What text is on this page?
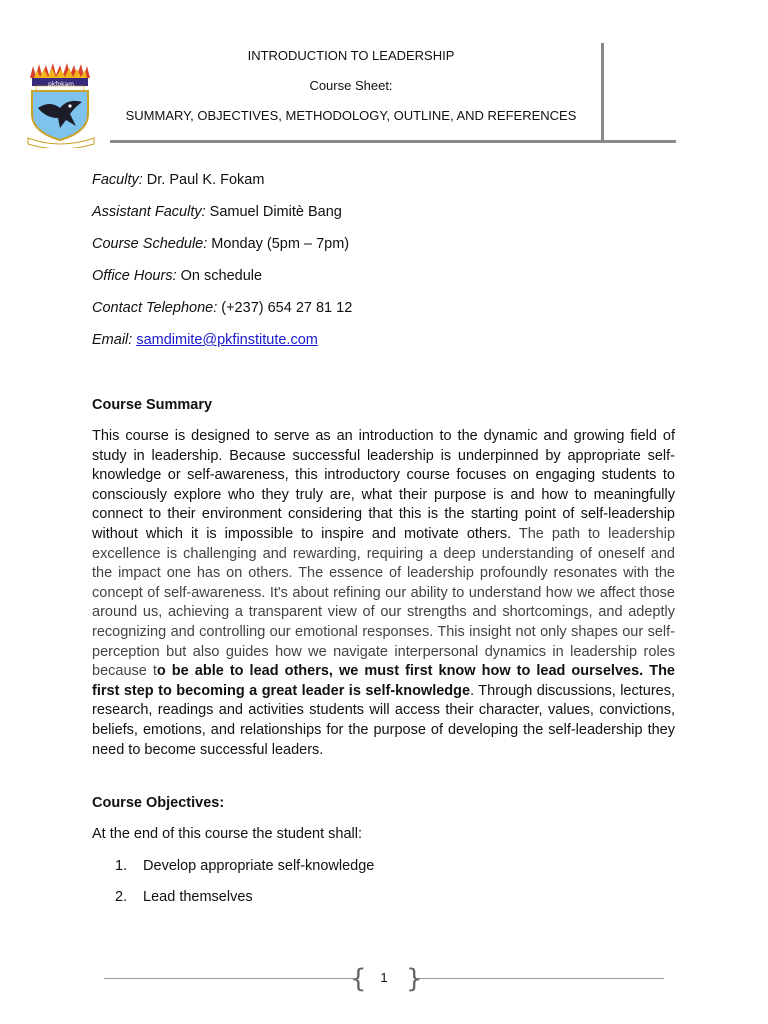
pkfokam
INTRODUCTION TO LEADERSHIP
Course Sheet:
SUMMARY, OBJECTIVES, METHODOLOGY, OUTLINE, AND REFERENCES
Faculty: Dr. Paul K. Fokam
Assistant Faculty: Samuel Dimitè Bang
Course Schedule: Monday (5pm – 7pm)
Office Hours: On schedule
Contact Telephone: (+237) 654 27 81 12
Email: samdimite@pkfinstitute.com
Course Summary
This course is designed to serve as an introduction to the dynamic and growing field of study in leadership. Because successful leadership is underpinned by appropriate self-knowledge or self-awareness, this introductory course focuses on engaging students to consciously explore who they truly are, what their purpose is and how to meaningfully connect to their environment considering that this is the starting point of self-leadership without which it is impossible to inspire and motivate others. The path to leadership excellence is challenging and rewarding, requiring a deep understanding of oneself and the impact one has on others. The essence of leadership profoundly resonates with the concept of self-awareness. It's about refining our ability to understand how we affect those around us, achieving a transparent view of our strengths and shortcomings, and adeptly recognizing and controlling our emotional responses. This insight not only shapes our self-perception but also guides how we navigate interpersonal dynamics in leadership roles because to be able to lead others, we must first know how to lead ourselves. The first step to becoming a great leader is self-knowledge. Through discussions, lectures, research, readings and activities students will access their character, values, convictions, beliefs, emotions, and relationships for the purpose of developing the self-leadership they need to become successful leaders.
Course Objectives:
At the end of this course the student shall:
1. Develop appropriate self-knowledge
2. Lead themselves
{ }
1
